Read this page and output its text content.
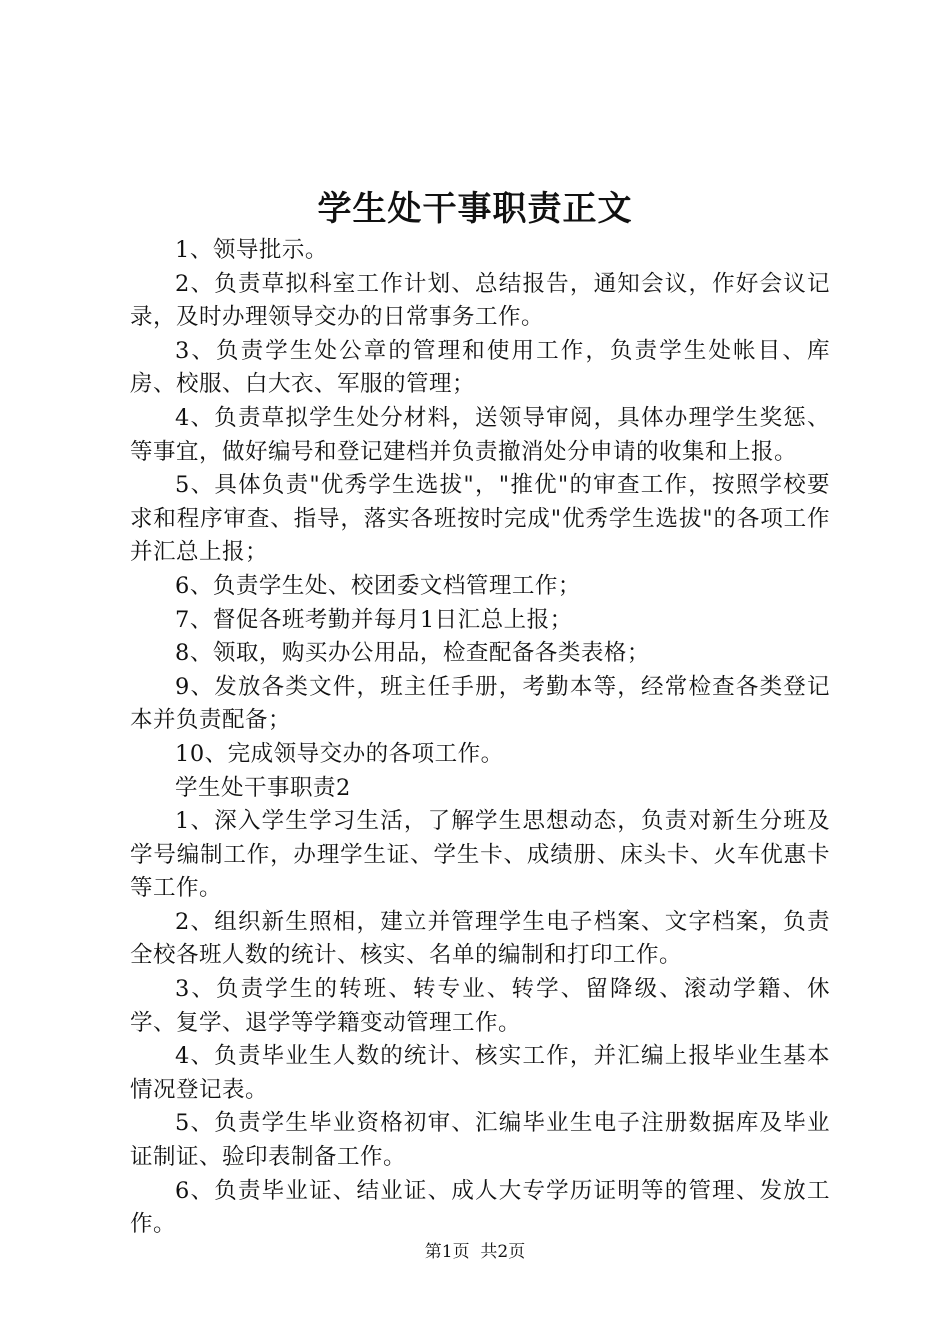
学生处干事职责正文

1、领导批示。

2、负责草拟科室工作计划、总结报告，通知会议，作好会议记录，及时办理领导交办的日常事务工作。

3、负责学生处公章的管理和使用工作，负责学生处帐目、库房、校服、白大衣、军服的管理；

4、负责草拟学生处分材料，送领导审阅，具体办理学生奖惩、等事宜，做好编号和登记建档并负责撤消处分申请的收集和上报。

5、具体负责"优秀学生选拔"，"推优"的审查工作，按照学校要求和程序审查、指导，落实各班按时完成"优秀学生选拔"的各项工作并汇总上报；

6、负责学生处、校团委文档管理工作；

7、督促各班考勤并每月1日汇总上报；

8、领取，购买办公用品，检查配备各类表格；

9、发放各类文件，班主任手册，考勤本等，经常检查各类登记本并负责配备；

10、完成领导交办的各项工作。

学生处干事职责2

1、深入学生学习生活，了解学生思想动态，负责对新生分班及学号编制工作，办理学生证、学生卡、成绩册、床头卡、火车优惠卡等工作。

2、组织新生照相，建立并管理学生电子档案、文字档案，负责全校各班人数的统计、核实、名单的编制和打印工作。

3、负责学生的转班、转专业、转学、留降级、滚动学籍、休学、复学、退学等学籍变动管理工作。

4、负责毕业生人数的统计、核实工作，并汇编上报毕业生基本情况登记表。

5、负责学生毕业资格初审、汇编毕业生电子注册数据库及毕业证制证、验印表制备工作。

6、负责毕业证、结业证、成人大专学历证明等的管理、发放工作。

第1页  共2页
